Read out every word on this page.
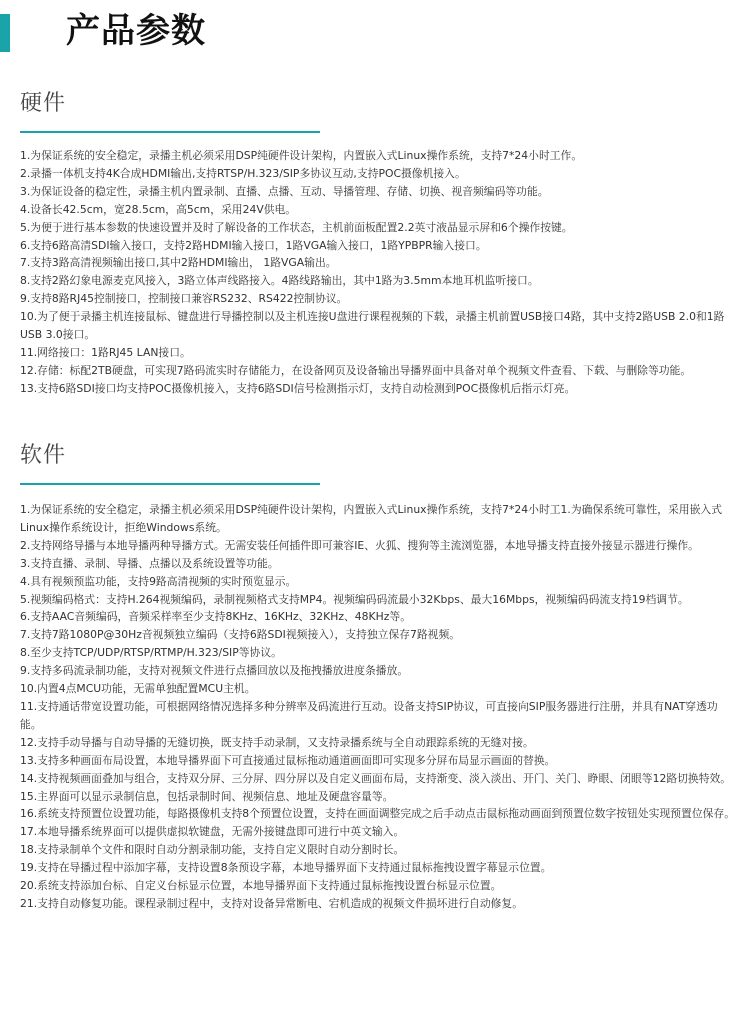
产品参数
硬件
1.为保证系统的安全稳定，录播主机必须采用DSP纯硬件设计架构，内置嵌入式Linux操作系统，支持7*24小时工作。
2.录播一体机支持4K合成HDMI输出,支持RTSP/H.323/SIP多协议互动,支持POC摄像机接入。
3.为保证设备的稳定性，录播主机内置录制、直播、点播、互动、导播管理、存储、切换、视音频编码等功能。
4.设备长42.5cm，宽28.5cm，高5cm，采用24V供电。
5.为便于进行基本参数的快速设置并及时了解设备的工作状态，主机前面板配置2.2英寸液晶显示屏和6个操作按键。
6.支持6路高清SDI输入接口，支持2路HDMI输入接口，1路VGA输入接口，1路YPBPR输入接口。
7.支持3路高清视频输出接口,其中2路HDMI输出， 1路VGA输出。
8.支持2路幻象电源麦克风接入，3路立体声线路接入。4路线路输出，其中1路为3.5mm本地耳机监听接口。
9.支持8路RJ45控制接口，控制接口兼容RS232、RS422控制协议。
10.为了便于录播主机连接鼠标、键盘进行导播控制以及主机连接U盘进行课程视频的下载，录播主机前置USB接口4路，其中支持2路USB 2.0和1路USB 3.0接口。
11.网络接口：1路RJ45 LAN接口。
12.存储：标配2TB硬盘，可实现7路码流实时存储能力，在设备网页及设备输出导播界面中具备对单个视频文件查看、下载、与删除等功能。
13.支持6路SDI接口均支持POC摄像机接入，支持6路SDI信号检测指示灯，支持自动检测到POC摄像机后指示灯亮。
软件
1.为保证系统的安全稳定，录播主机必须采用DSP纯硬件设计架构，内置嵌入式Linux操作系统，支持7*24小时工1.为确保系统可靠性，采用嵌入式Linux操作系统设计，拒绝Windows系统。
2.支持网络导播与本地导播两种导播方式。无需安装任何插件即可兼容IE、火狐、搜狗等主流浏览器，本地导播支持直接外接显示器进行操作。
3.支持直播、录制、导播、点播以及系统设置等功能。
4.具有视频预监功能，支持9路高清视频的实时预览显示。
5.视频编码格式：支持H.264视频编码，录制视频格式支持MP4。视频编码码流最小32Kbps、最大16Mbps，视频编码码流支持19档调节。
6.支持AAC音频编码，音频采样率至少支持8KHz、16KHz、32KHz、48KHz等。
7.支持7路1080P@30Hz音视频独立编码（支持6路SDI视频接入），支持独立保存7路视频。
8.至少支持TCP/UDP/RTSP/RTMP/H.323/SIP等协议。
9.支持多码流录制功能，支持对视频文件进行点播回放以及拖拽播放进度条播放。
10.内置4点MCU功能，无需单独配置MCU主机。
11.支持通话带宽设置功能，可根据网络情况选择多种分辨率及码流进行互动。设备支持SIP协议，可直接向SIP服务器进行注册，并具有NAT穿透功能。
12.支持手动导播与自动导播的无缝切换，既支持手动录制，又支持录播系统与全自动跟踪系统的无缝对接。
13.支持多种画面布局设置，本地导播界面下可直接通过鼠标拖动通道画面即可实现多分屏布局显示画面的替换。
14.支持视频画面叠加与组合，支持双分屏、三分屏、四分屏以及自定义画面布局，支持渐变、淡入淡出、开门、关门、睁眼、闭眼等12路切换特效。
15.主界面可以显示录制信息，包括录制时间、视频信息、地址及硬盘容量等。
16.系统支持预置位设置功能，每路摄像机支持8个预置位设置，支持在画面调整完成之后手动点击鼠标拖动画面到预置位数字按钮处实现预置位保存。
17.本地导播系统界面可以提供虚拟软键盘，无需外接键盘即可进行中英文输入。
18.支持录制单个文件和限时自动分割录制功能，支持自定义限时自动分割时长。
19.支持在导播过程中添加字幕，支持设置8条预设字幕，本地导播界面下支持通过鼠标拖拽设置字幕显示位置。
20.系统支持添加台标、自定义台标显示位置，本地导播界面下支持通过鼠标拖拽设置台标显示位置。
21.支持自动修复功能。课程录制过程中，支持对设备异常断电、宕机造成的视频文件损坏进行自动修复。
